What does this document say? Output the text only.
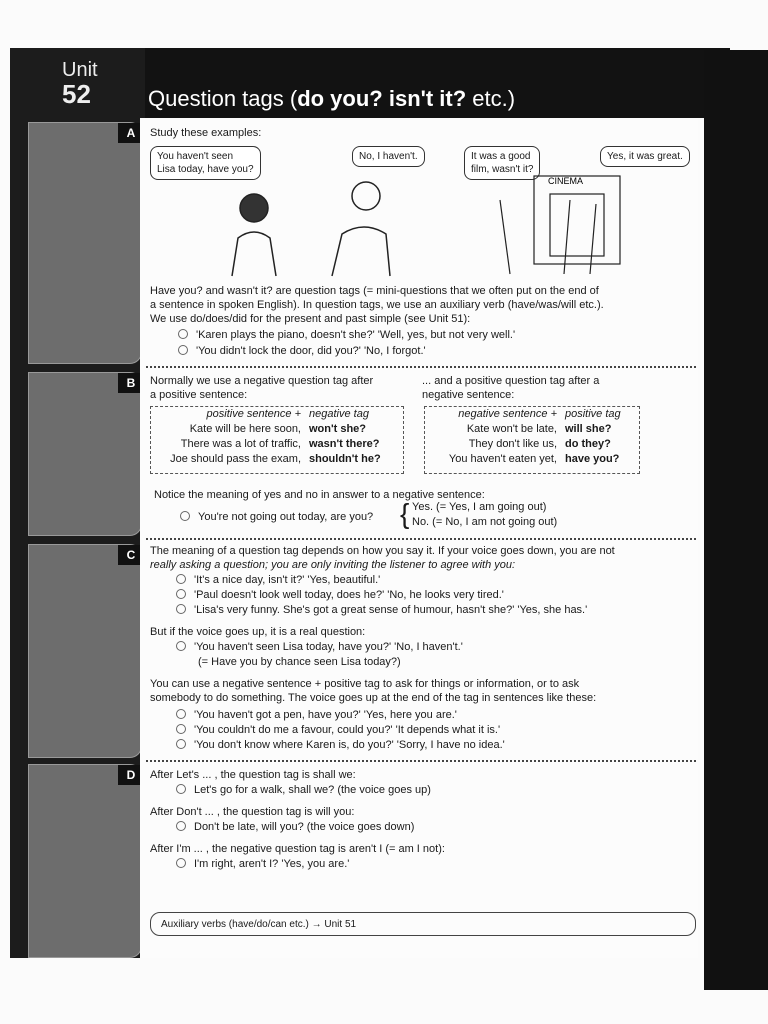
Unit
52	Question tags (do you? isn't it? etc.)
A
B
C
D
Study these examples:
You haven't seen
Lisa today, have you?
No, I haven't.	It was a good
film, wasn't it?
Yes, it was great.
CINEMA
Have you? and wasn't it? are question tags (= mini-questions that we often put on the end of
a sentence in spoken English). In question tags, we use an auxiliary verb (have/was/will etc.).
We use do/does/did for the present and past simple (see Unit 51):
'Karen plays the piano, doesn't she?' 'Well, yes, but not very well.'
'You didn't lock the door, did you?' 'No, I forgot.'
Normally we use a negative question tag after
a positive sentence:
... and a positive question tag after a
negative sentence:
positive sentence + negative tag
Kate will be here soon, won't she?
There was a lot of traffic, wasn't there?
Joe should pass the exam, shouldn't he?
negative sentence + positive tag
Kate won't be late, will she?
They don't like us, do they?
You haven't eaten yet, have you?
Notice the meaning of yes and no in answer to a negative sentence:
You're not going out today, are you? { Yes. (= Yes, I am going out)
No. (= No, I am not going out)
The meaning of a question tag depends on how you say it. If your voice goes down, you are not
really asking a question; you are only inviting the listener to agree with you:
'It's a nice day, isn't it?' 'Yes, beautiful.'
'Paul doesn't look well today, does he?' 'No, he looks very tired.'
'Lisa's very funny. She's got a great sense of humour, hasn't she?' 'Yes, she has.'
But if the voice goes up, it is a real question:
'You haven't seen Lisa today, have you?' 'No, I haven't.'
(= Have you by chance seen Lisa today?)
You can use a negative sentence + positive tag to ask for things or information, or to ask
somebody to do something. The voice goes up at the end of the tag in sentences like these:
'You haven't got a pen, have you?' 'Yes, here you are.'
'You couldn't do me a favour, could you?' 'It depends what it is.'
'You don't know where Karen is, do you?' 'Sorry, I have no idea.'
After Let's ... , the question tag is shall we:
Let's go for a walk, shall we? (the voice goes up)
After Don't ... , the question tag is will you:
Don't be late, will you? (the voice goes down)
After I'm ... , the negative question tag is aren't I (= am I not):
I'm right, aren't I? 'Yes, you are.'
Auxiliary verbs (have/do/can etc.) → Unit 51
